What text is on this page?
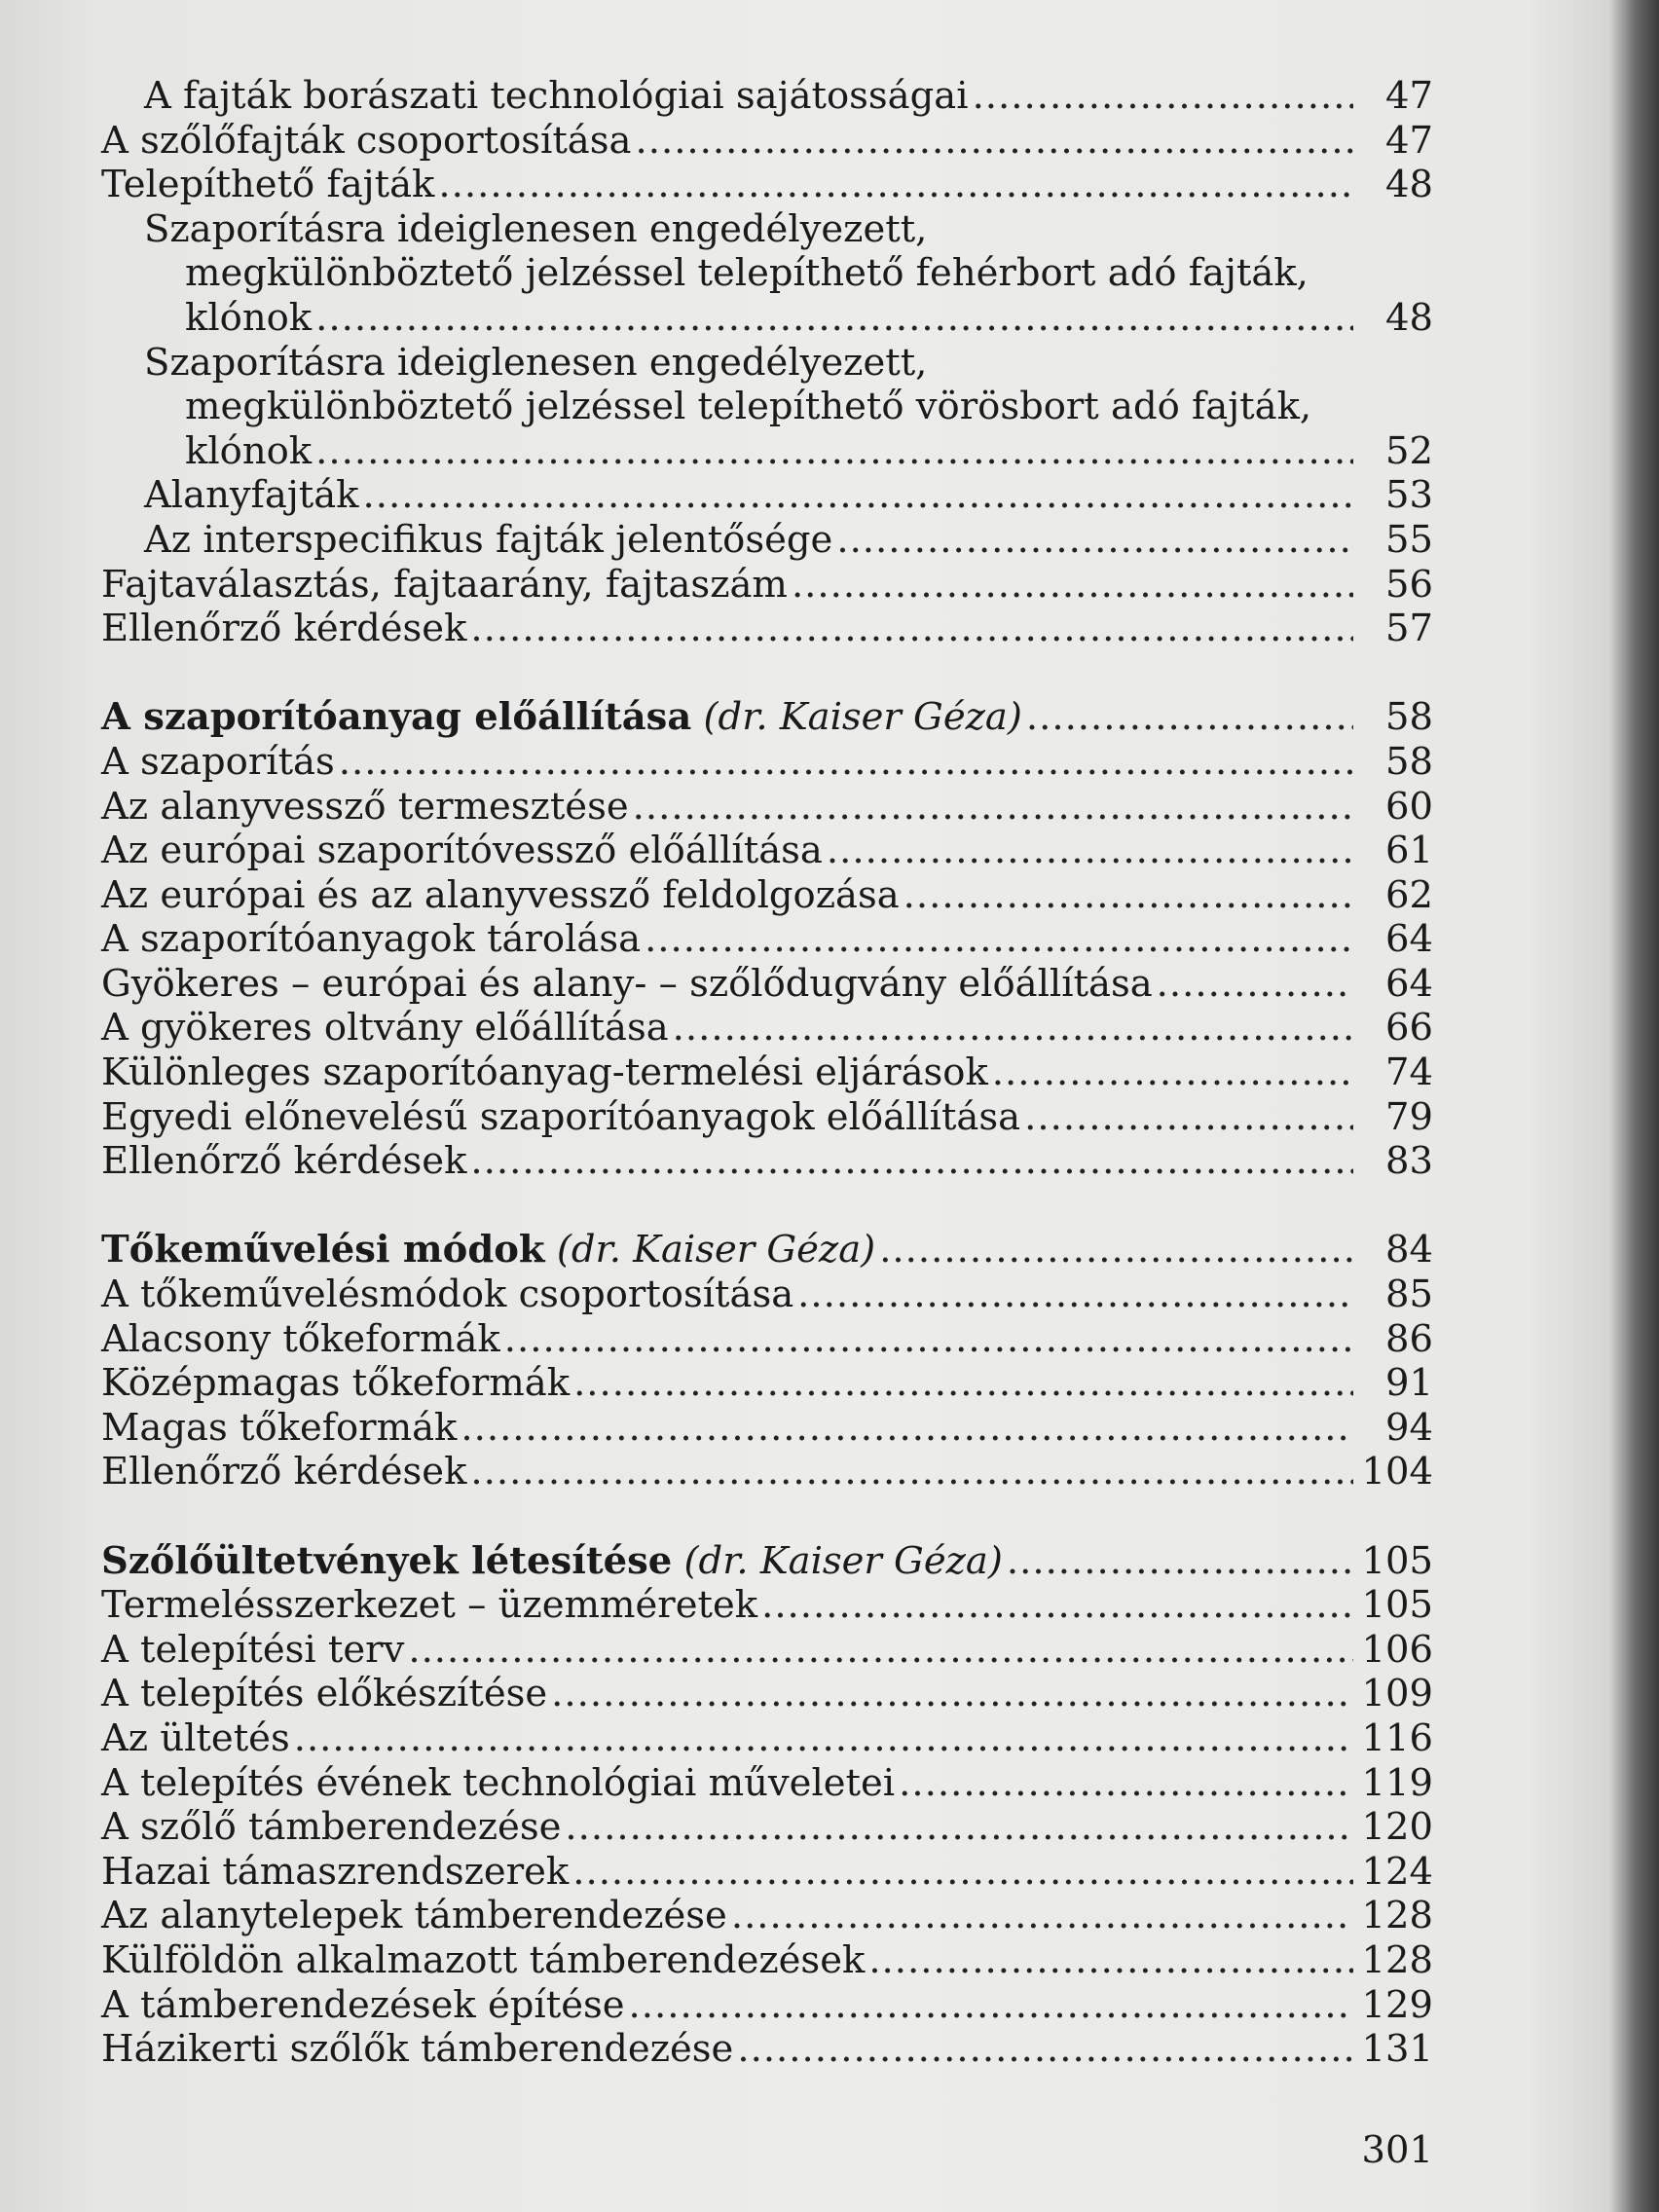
A fajták borászati technológiai sajátosságai .....	47
A szőlőfajták csoportosítása .....	47
Telepíthető fajták .....	48
Szaporításra ideiglenesen engedélyezett,
megkülönböztető jelzéssel telepíthető fehérbort adó fajták,
klónok .....	48
Szaporításra ideiglenesen engedélyezett,
megkülönböztető jelzéssel telepíthető vörösbort adó fajták,
klónok .....	52
Alanyfajták .....	53
Az interspecifikus fajták jelentősége .....	55
Fajtaválasztás, fajtaarány, fajtaszám .....	56
Ellenőrző kérdések .....	57
A szaporítóanyag előállítása (dr. Kaiser Géza) .....	58
A szaporítás .....	58
Az alanyvessző termesztése .....	60
Az európai szaporítóvessző előállítása .....	61
Az európai és az alanyvessző feldolgozása .....	62
A szaporítóanyagok tárolása .....	64
Gyökeres – európai és alany- – szőlődugvány előállítása .....	64
A gyökeres oltvány előállítása .....	66
Különleges szaporítóanyag-termelési eljárások .....	74
Egyedi előnevelésű szaporítóanyagok előállítása .....	79
Ellenőrző kérdések .....	83
Tőkeművelési módok (dr. Kaiser Géza) .....	84
A tőkeművelésmódok csoportosítása .....	85
Alacsony tőkeformák .....	86
Középmagas tőkeformák .....	91
Magas tőkeformák .....	94
Ellenőrző kérdések .....	104
Szőlőültetvények létesítése (dr. Kaiser Géza) .....	105
Termelésszerkezet – üzemméretek .....	105
A telepítési terv .....	106
A telepítés előkészítése .....	109
Az ültetés .....	116
A telepítés évének technológiai műveletei .....	119
A szőlő támberendezése .....	120
Hazai támaszrendszerek .....	124
Az alanytelepek támberendezése .....	128
Külföldön alkalmazott támberendezések .....	128
A támberendezések építése .....	129
Házikerti szőlők támberendezése .....	131
301
